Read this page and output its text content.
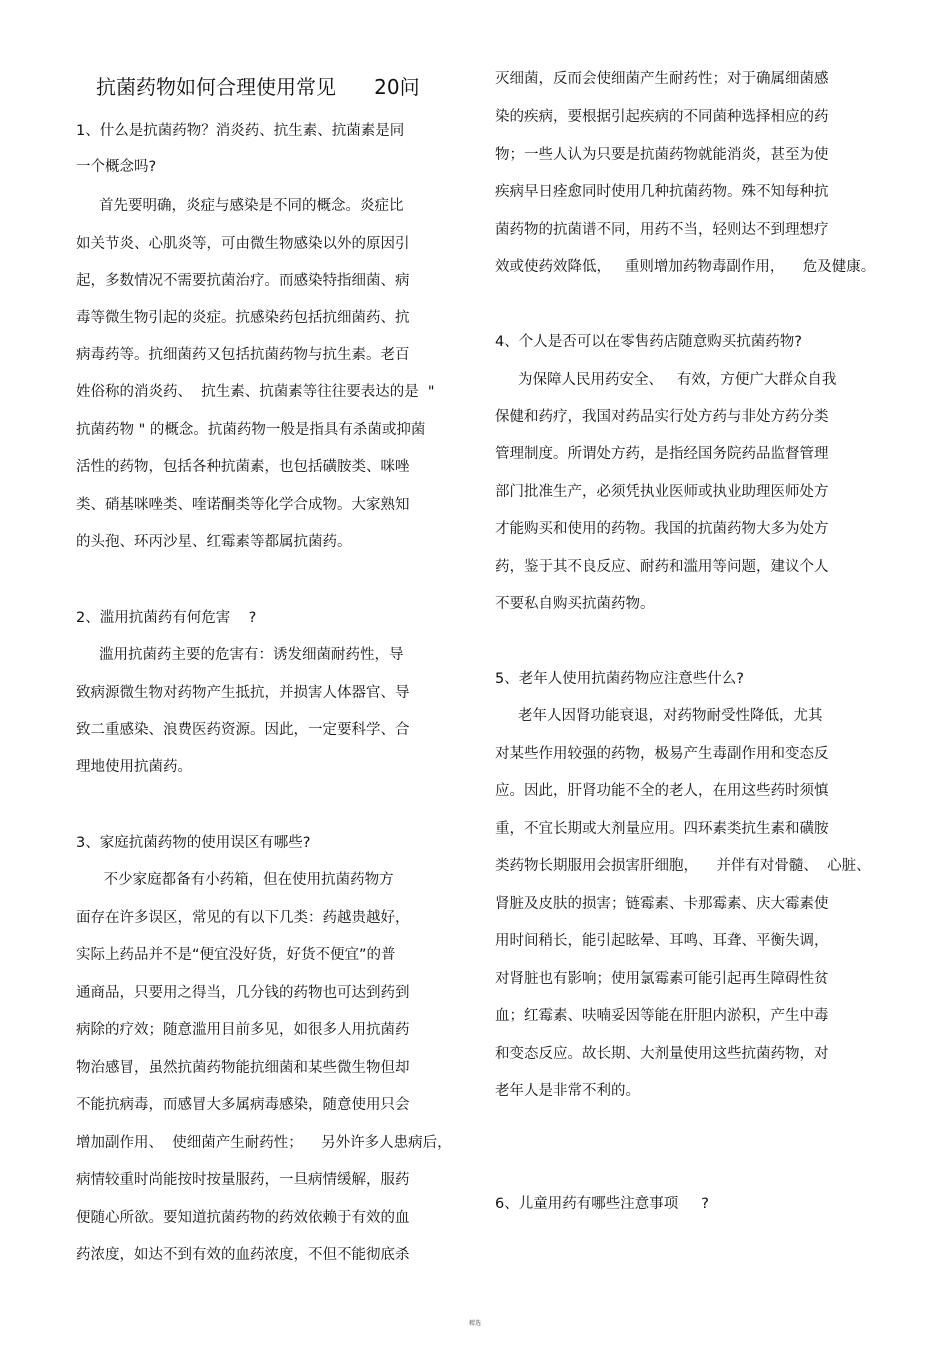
抗菌药物如何合理使用常见      20问
1、什么是抗菌药物？消炎药、抗生素、抗菌素是同
一个概念吗?
首先要明确，炎症与感染是不同的概念。炎症比
如关节炎、心肌炎等，可由微生物感染以外的原因引
起，多数情况不需要抗菌治疗。而感染特指细菌、病
毒等微生物引起的炎症。抗感染药包括抗细菌药、抗
病毒药等。抗细菌药又包括抗菌药物与抗生素。老百
姓俗称的消炎药、  抗生素、抗菌素等往往要表达的是  "
抗菌药物 " 的概念。抗菌药物一般是指具有杀菌或抑菌
活性的药物，包括各种抗菌素，也包括磺胺类、咪唑
类、硝基咪唑类、喹诺酮类等化学合成物。大家熟知
的头孢、环丙沙星、红霉素等都属抗菌药。
2、滥用抗菌药有何危害    ?
滥用抗菌药主要的危害有：诱发细菌耐药性，导
致病源微生物对药物产生抵抗，并损害人体器官、导
致二重感染、浪费医药资源。因此，一定要科学、合
理地使用抗菌药。
3、家庭抗菌药物的使用误区有哪些?
不少家庭都备有小药箱，但在使用抗菌药物方
面存在许多误区，常见的有以下几类：药越贵越好，
实际上药品并不是“便宜没好货，好货不便宜”的普
通商品，只要用之得当，几分钱的药物也可达到药到
病除的疗效；随意滥用目前多见，如很多人用抗菌药
物治感冒，虽然抗菌药物能抗细菌和某些微生物但却
不能抗病毒，而感冒大多属病毒感染，随意使用只会
增加副作用、  使细菌产生耐药性；    另外许多人患病后，
病情较重时尚能按时按量服药，一旦病情缓解，服药
便随心所欲。要知道抗菌药物的药效依赖于有效的血
药浓度，如达不到有效的血药浓度，不但不能彻底杀
灭细菌，反而会使细菌产生耐药性；对于确属细菌感
染的疾病，要根据引起疾病的不同菌种选择相应的药
物；一些人认为只要是抗菌药物就能消炎，甚至为使
疾病早日痊愈同时使用几种抗菌药物。殊不知每种抗
菌药物的抗菌谱不同，用药不当，轻则达不到理想疗
效或使药效降低，   重则增加药物毒副作用，    危及健康。
4、个人是否可以在零售药店随意购买抗菌药物?
为保障人民用药安全、   有效，方便广大群众自我
保健和药疗，我国对药品实行处方药与非处方药分类
管理制度。所谓处方药，是指经国务院药品监督管理
部门批准生产，必须凭执业医师或执业助理医师处方
才能购买和使用的药物。我国的抗菌药物大多为处方
药，鉴于其不良反应、耐药和滥用等问题，建议个人
不要私自购买抗菌药物。
5、老年人使用抗菌药物应注意些什么?
老年人因肾功能衰退，对药物耐受性降低，尤其
对某些作用较强的药物，极易产生毒副作用和变态反
应。因此，肝肾功能不全的老人，在用这些药时须慎
重，不宜长期或大剂量应用。四环素类抗生素和磺胺
类药物长期服用会损害肝细胞，    并伴有对骨髓、  心脏、
肾脏及皮肤的损害；链霉素、卡那霉素、庆大霉素使
用时间稍长，能引起眩晕、耳鸣、耳聋、平衡失调，
对肾脏也有影响；使用氯霉素可能引起再生障碍性贫
血；红霉素、呋喃妥因等能在肝胆内淤积，产生中毒
和变态反应。故长期、大剂量使用这些抗菌药物，对
老年人是非常不利的。
6、儿童用药有哪些注意事项     ?
精选
